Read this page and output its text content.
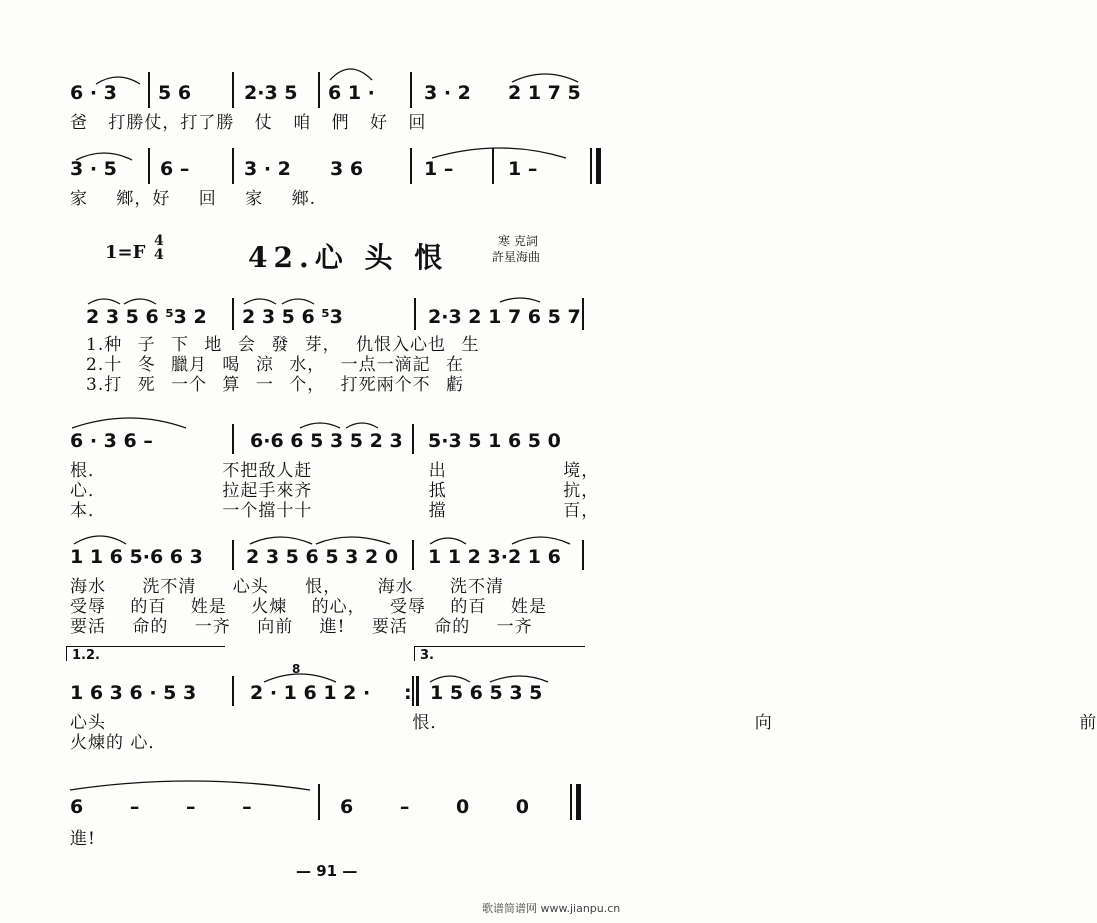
6 · 3 5 6	2·3 5 6 1 ·	3 · 2 2 1 7 5
爸 打勝仗，打了勝 仗 咱 們 好 回
3 · 5 6 –	3 · 2 3 6	1 –	1 –
家 鄉，好 回 家 鄉.
1=F
4
4	42.心 头 恨	寒 克詞
許星海曲
2 3 5 6 ⁵3 2 2 3 5 6 ⁵3	2·3 2 1 7 6 5 7
1.种 子 下 地 会 發 芽， 仇恨入心也 生
2.十 冬 臘月 喝 涼 水， 一点一滴記 在
3.打 死 一个 算 一 个， 打死兩个不 虧
6 · 3 6 –	6·6 6 5 3 5 2 3 5·3 5 1 6 5 0
根． 不把敌人赶 出 境，
心． 拉起手來齐 抵 抗，
本． 一个擋十十 擋 百，
1 1 6 5·6 6 3 2 3 5 6 5 3 2 0 1 1 2 3·2 1 6
海水 洗不清 心头 恨， 海水 洗不清
受辱 的百 姓是 火煉 的心， 受辱 的百 姓是
要活 命的 一齐 向前 進! 要活 命的 一齐
1.2.	3.
8
1 6 3 6 · 5 3	2 · 1 6 1 2 · : 1 5 6 5 3 5
心头 恨． 向 前
火煉的 心．
6 – – –	6 – 0 0
進!
— 91 —
歌谱简谱网 www.jianpu.cn
